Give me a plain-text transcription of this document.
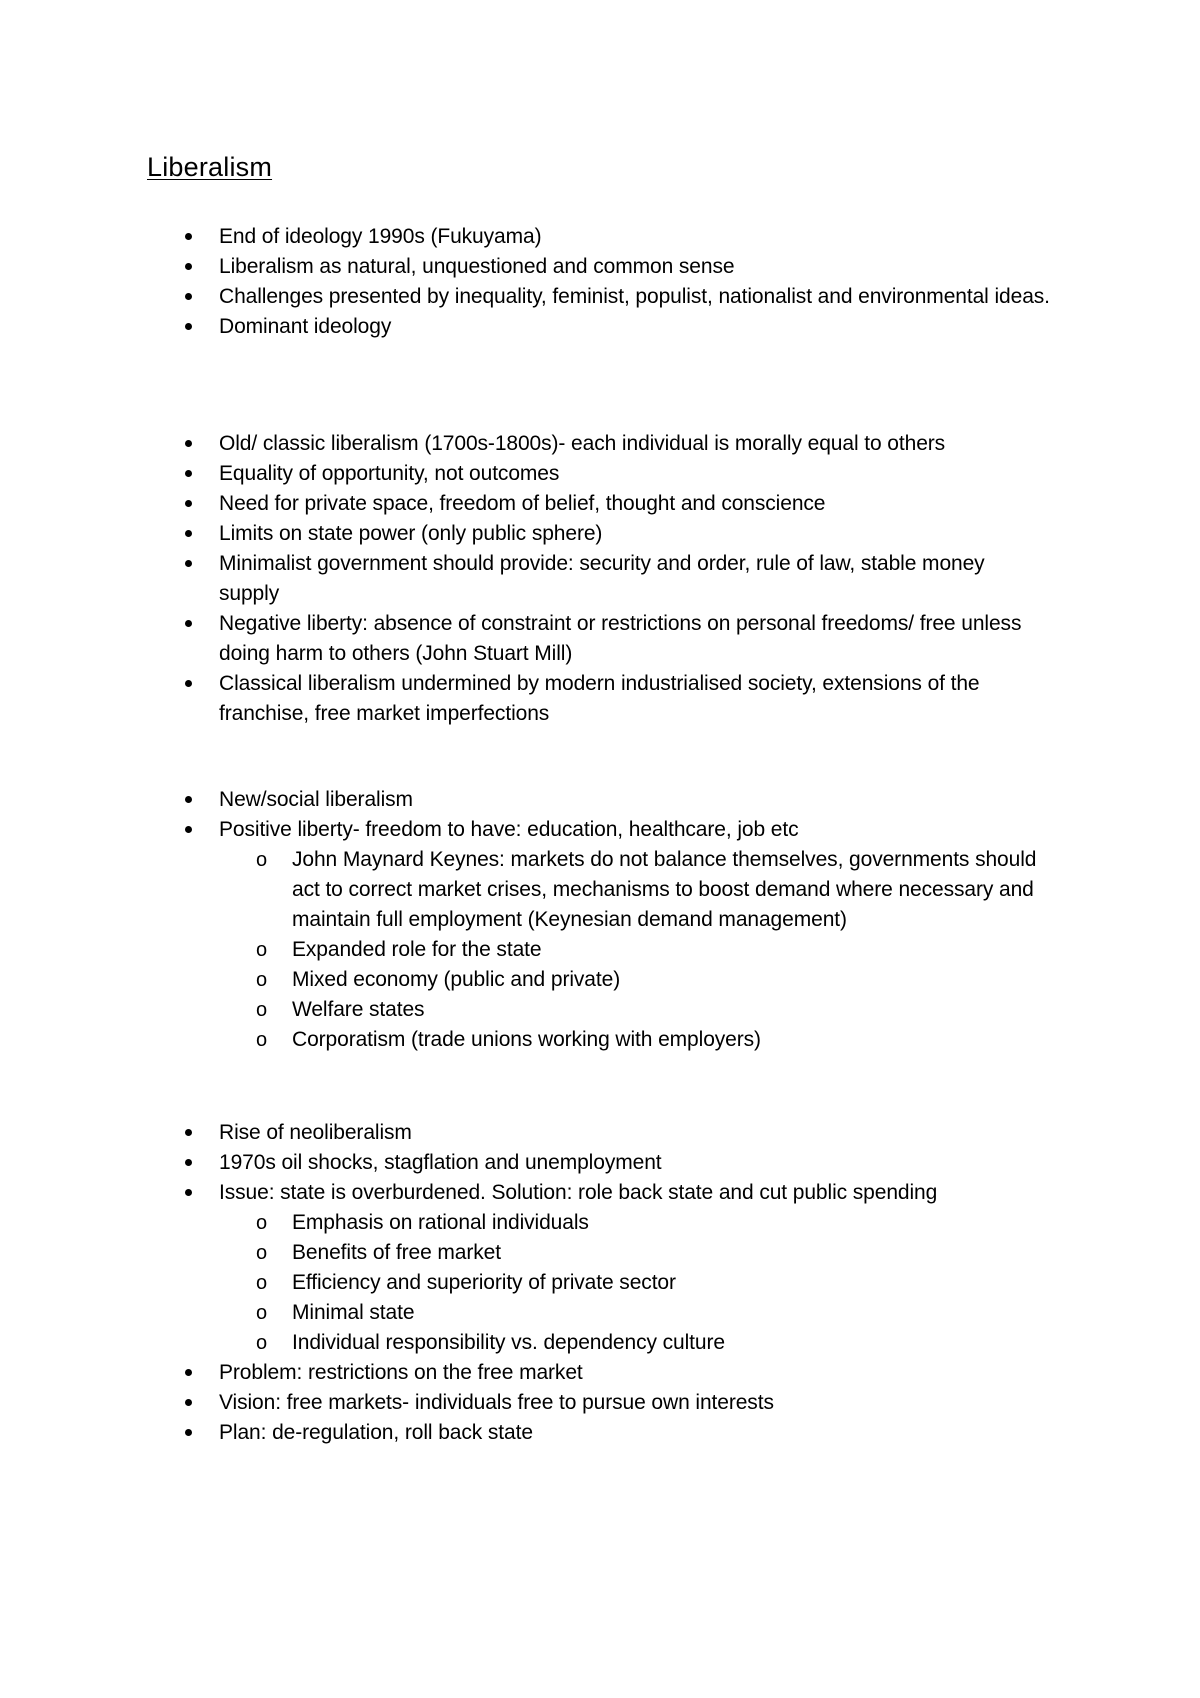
Liberalism
End of ideology 1990s (Fukuyama)
Liberalism as natural, unquestioned and common sense
Challenges presented by inequality, feminist, populist, nationalist and environmental ideas.
Dominant ideology
Old/ classic liberalism (1700s-1800s)- each individual is morally equal to others
Equality of opportunity, not outcomes
Need for private space, freedom of belief, thought and conscience
Limits on state power (only public sphere)
Minimalist government should provide: security and order, rule of law, stable money supply
Negative liberty: absence of constraint or restrictions on personal freedoms/ free unless doing harm to others (John Stuart Mill)
Classical liberalism undermined by modern industrialised society, extensions of the franchise, free market imperfections
New/social liberalism
Positive liberty- freedom to have: education, healthcare, job etc
o John Maynard Keynes: markets do not balance themselves, governments should act to correct market crises, mechanisms to boost demand where necessary and maintain full employment (Keynesian demand management)
o Expanded role for the state
o Mixed economy (public and private)
o Welfare states
o Corporatism (trade unions working with employers)
Rise of neoliberalism
1970s oil shocks, stagflation and unemployment
Issue: state is overburdened. Solution: role back state and cut public spending
o Emphasis on rational individuals
o Benefits of free market
o Efficiency and superiority of private sector
o Minimal state
o Individual responsibility vs. dependency culture
Problem: restrictions on the free market
Vision: free markets- individuals free to pursue own interests
Plan: de-regulation, roll back state
